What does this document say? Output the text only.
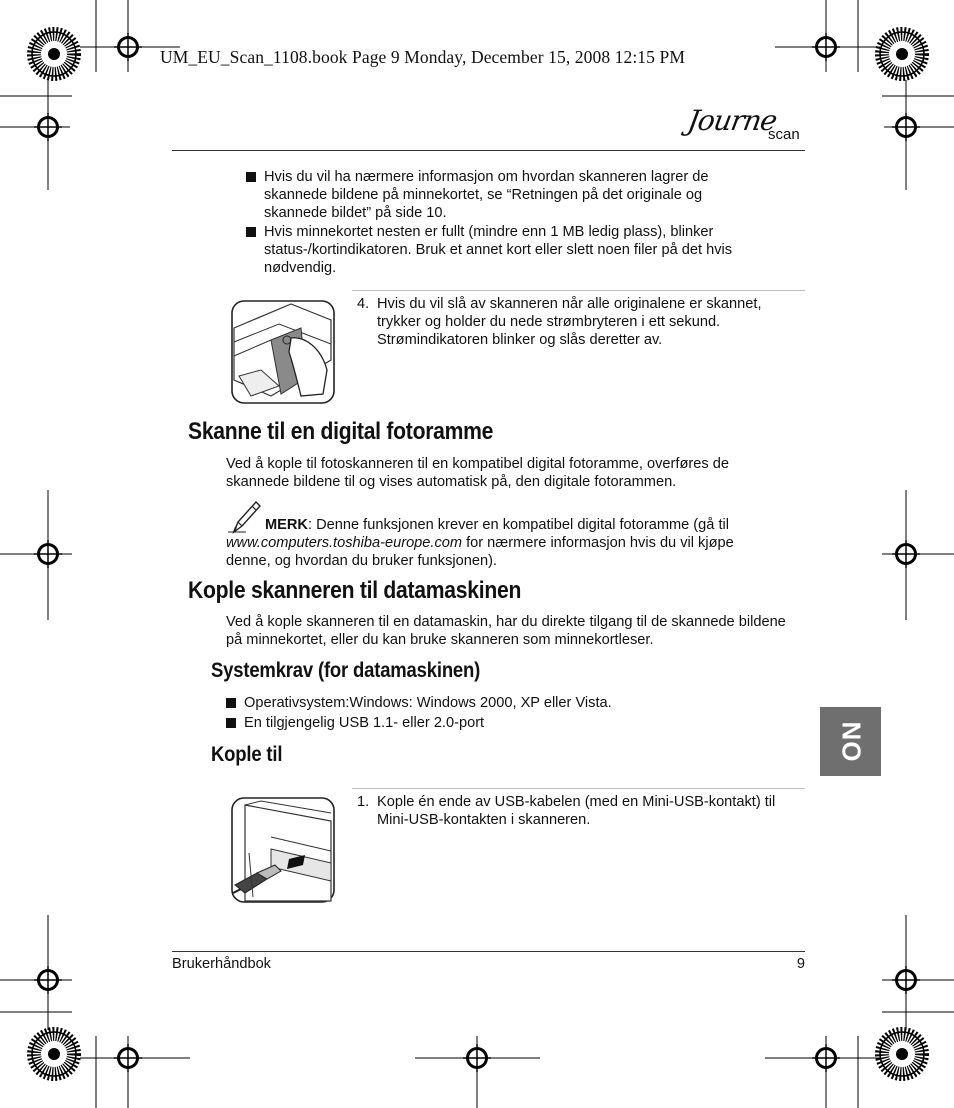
UM_EU_Scan_1108.book Page 9 Monday, December 15, 2008 12:15 PM
Journe
scan
Hvis du vil ha nærmere informasjon om hvordan skanneren lagrer de skannede bildene på minnekortet, se “Retningen på det originale og skannede bildet” på side 10.
Hvis minnekortet nesten er fullt (mindre enn 1 MB ledig plass), blinker status-/kortindikatoren. Bruk et annet kort eller slett noen filer på det hvis nødvendig.
4. Hvis du vil slå av skanneren når alle originalene er skannet, trykker og holder du nede strømbryteren i ett sekund. Strømindikatoren blinker og slås deretter av.
Skanne til en digital fotoramme
Ved å kople til fotoskanneren til en kompatibel digital fotoramme, overføres de skannede bildene til og vises automatisk på, den digitale fotorammen.
MERK: Denne funksjonen krever en kompatibel digital fotoramme (gå til
www.computers.toshiba-europe.com for nærmere informasjon hvis du vil kjøpe
denne, og hvordan du bruker funksjonen).
Kople skanneren til datamaskinen
Ved å kople skanneren til en datamaskin, har du direkte tilgang til de skannede bildene på minnekortet, eller du kan bruke skanneren som minnekortleser.
Systemkrav (for datamaskinen)
Operativsystem:Windows: Windows 2000, XP eller Vista.
En tilgjengelig USB 1.1- eller 2.0-port
Kople til
1. Kople én ende av USB-kabelen (med en Mini-USB-kontakt) til Mini-USB-kontakten i skanneren.
NO
Brukerhåndbok	9
